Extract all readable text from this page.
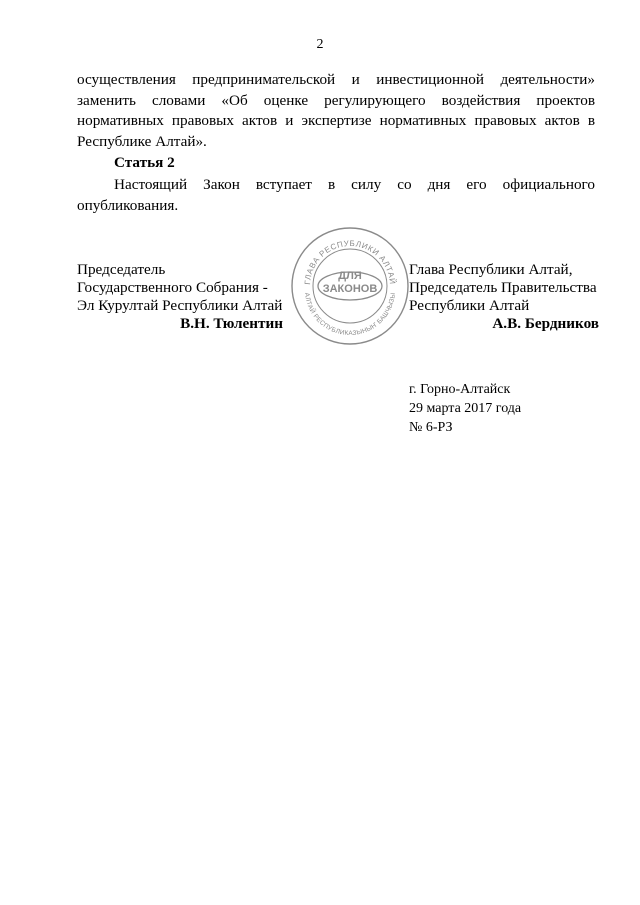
2
осуществления предпринимательской и инвестиционной деятельности»
заменить словами «Об оценке регулирующего воздействия проектов
нормативных правовых актов и экспертизе нормативных правовых актов в
Республике Алтай».
Статья 2
Настоящий Закон вступает в силу со дня его официального
опубликования.
Председатель
Государственного Собрания -
Эл Курултай Республики Алтай
В.Н. Тюлентин
ГЛАВА РЕСПУБЛИКИ АЛТАЙ
АЛТАЙ РЕСПУБЛИКАЗЫНЫҤ БАШЧЫЗЫ
ДЛЯ
ЗАКОНОВ
Глава Республики Алтай,
Председатель Правительства
Республики Алтай
А.В. Бердников
г. Горно-Алтайск
29 марта 2017 года
№ 6-РЗ
